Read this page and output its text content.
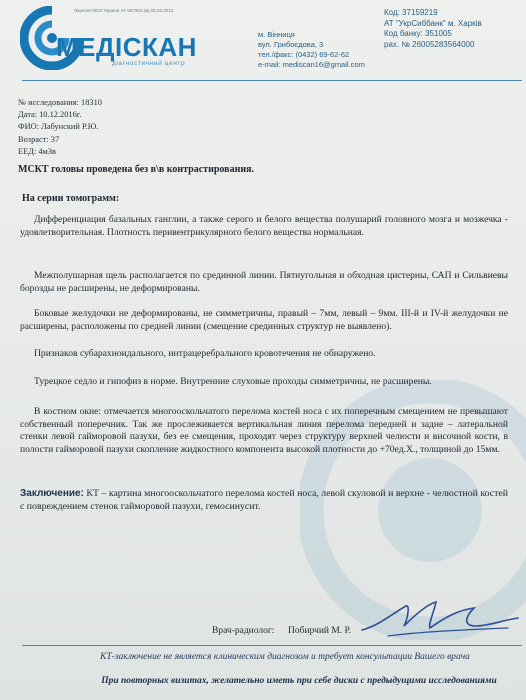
Ліцензія МОЗ України АГ 597004 від 06.03.2012
МЕДІСКАН
діагностичний центр
м. Вінниця
вул. Грибоєдова, 3
тел./факс: (0432) 69-62-62
e-mail: mediscan16@gmail.com
Код: 37159219
АТ "УкрСиббанк" м. Харків
Код банку: 351005
рах. № 26005283564000
№ исследования: 18310
Дата: 10.12.2016г.
ФИО: Лабунский Р.Ю.
Возраст: 37
ЕЕД: 4мЗв
МСКТ головы проведена без в\в контрастирования.
На серии томограмм:
Дифференциация базальных ганглии, а также серого и белого вещества полушарий головного мозга и мозжечка - удовлетворительная. Плотность перивентрикулярного белого вещества нормальная.
Межполушарная щель располагается по срединной линии. Пятиугольная и обходная цистерны, САП и Сильвиевы борозды не расширены, не деформированы.
Боковые желудочки не деформированы, не симметричны, правый – 7мм, левый – 9мм. III-й и IV-й желудочки не расширены, расположены по средней линии (смещение срединных структур не выявлено).
Признаков субарахноидального, интрацеребрального кровотечения не обнаружено.
Турецкое седло и гипофиз в норме. Внутренние слуховые проходы симметричны, не расширены.
В костном окне: отмечается многооскольчатого перелома костей носа с их поперечным смещением не превышают собственный поперечник. Так же прослеживается вертикальная линия перелома передней и задне – латеральной стенки левой гайморовой пазухи, без ее смещения, проходят через структуру верхней челюсти и височной кости, в полости гайморовой пазухи скопление жидкостного компонента высокой плотности до +70ед.Х., толщиной до 15мм.
Заключение: КТ – картина многооскольчатого перелома костей носа, левой скуловой и верхне - челюстной костей с повреждением стенок гайморовой пазухи, гемосинусит.
Врач-радиолог: Побирчий М. Р.
КТ-заключение не является клиническим диагнозом и требует консультации Вашего врача
При повторных визитах, желательно иметь при себе диски с предыдущими исследованиями
